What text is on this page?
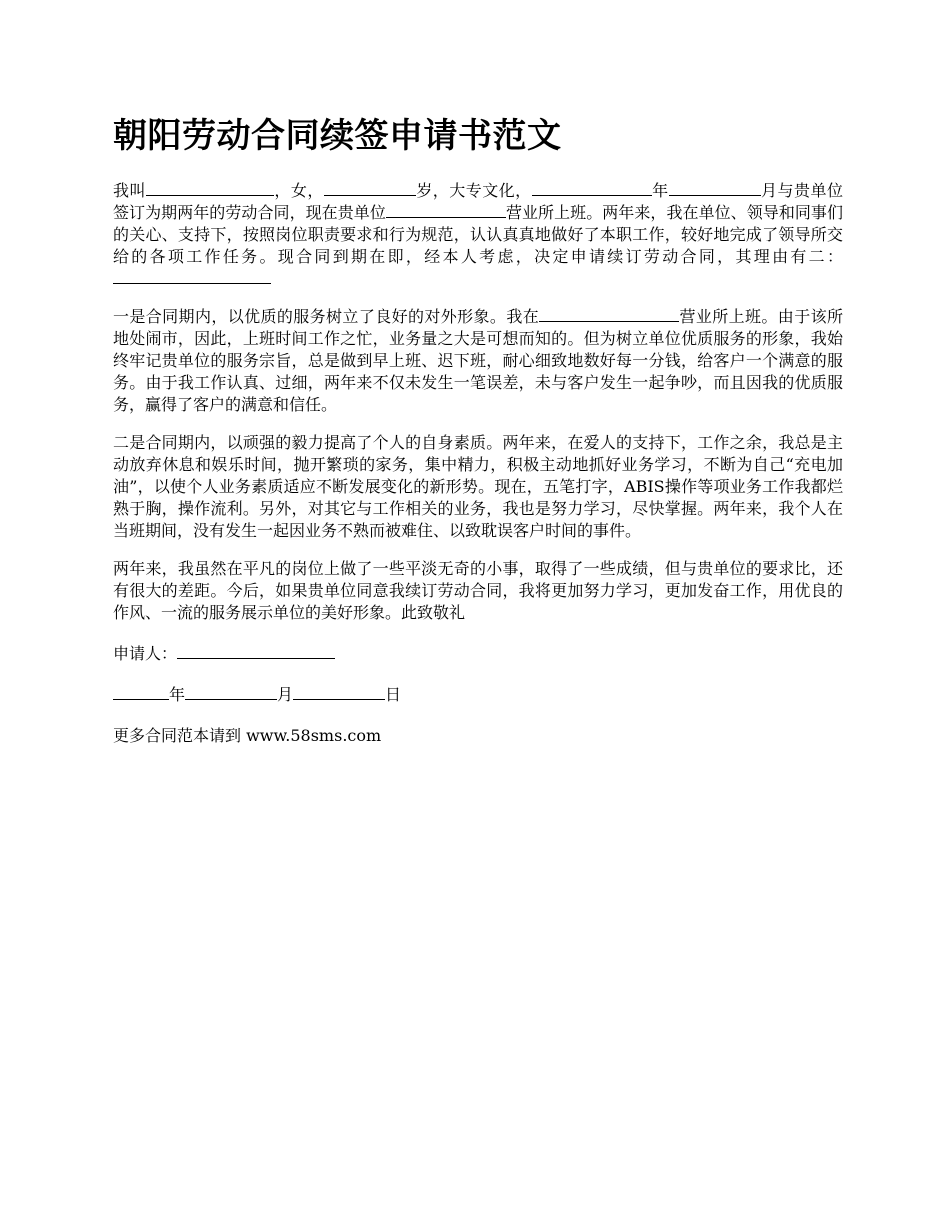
朝阳劳动合同续签申请书范文

我叫	，女，	岁，大专文化，	年	月与贵单位签订为期两年的劳动合同，现在贵单位	营业所上班。两年来，我在单位、领导和同事们的关心、支持下，按照岗位职责要求和行为规范，认认真真地做好了本职工作，较好地完成了领导所交给的各项工作任务。现合同到期在即，经本人考虑，决定申请续订劳动合同，其理由有二：

一是合同期内，以优质的服务树立了良好的对外形象。我在	营业所上班。由于该所地处闹市，因此，上班时间工作之忙，业务量之大是可想而知的。但为树立单位优质服务的形象，我始终牢记贵单位的服务宗旨，总是做到早上班、迟下班，耐心细致地数好每一分钱，给客户一个满意的服务。由于我工作认真、过细，两年来不仅未发生一笔误差，未与客户发生一起争吵，而且因我的优质服务，赢得了客户的满意和信任。

二是合同期内，以顽强的毅力提高了个人的自身素质。两年来，在爱人的支持下，工作之余，我总是主动放弃休息和娱乐时间，抛开繁琐的家务，集中精力，积极主动地抓好业务学习，不断为自己“充电加油”，以使个人业务素质适应不断发展变化的新形势。现在，五笔打字，ABIS操作等项业务工作我都烂熟于胸，操作流利。另外，对其它与工作相关的业务，我也是努力学习，尽快掌握。两年来，我个人在当班期间，没有发生一起因业务不熟而被难住、以致耽误客户时间的事件。

两年来，我虽然在平凡的岗位上做了一些平淡无奇的小事，取得了一些成绩，但与贵单位的要求比，还有很大的差距。今后，如果贵单位同意我续订劳动合同，我将更加努力学习，更加发奋工作，用优良的作风、一流的服务展示单位的美好形象。此致敬礼

申请人：
年	月	日
更多合同范本请到 www.58sms.com
